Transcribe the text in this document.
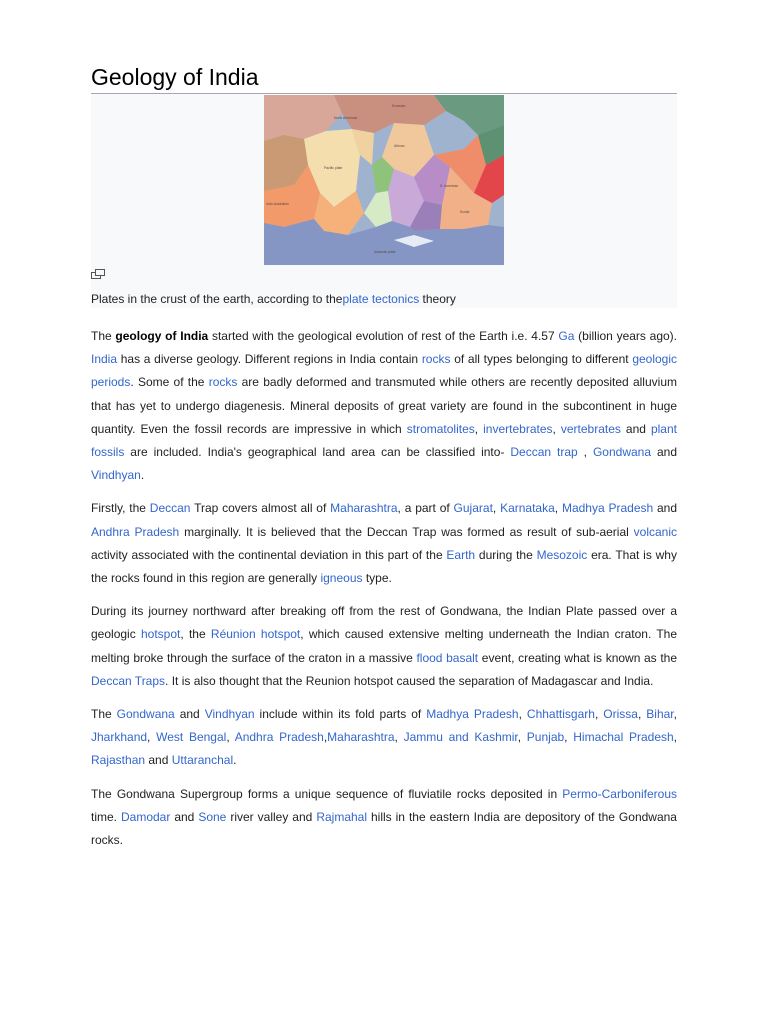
Geology of India
North American
Eurasian
Pacific plate
African
S. American
Indo-Australian
Antarctic plate
Scotia
Plates in the crust of the earth, according to theplate tectonics theory

The geology of India started with the geological evolution of rest of the Earth i.e. 4.57 Ga (billion years ago). India has a diverse geology. Different regions in India contain rocks of all types belonging to different geologic periods. Some of the rocks are badly deformed and transmuted while others are recently deposited alluvium that has yet to undergo diagenesis. Mineral deposits of great variety are found in the subcontinent in huge quantity. Even the fossil records are impressive in which stromatolites, invertebrates, vertebrates and plant fossils are included. India's geographical land area can be classified into- Deccan trap , Gondwana and Vindhyan.

Firstly, the Deccan Trap covers almost all of Maharashtra, a part of Gujarat, Karnataka, Madhya Pradesh and Andhra Pradesh marginally. It is believed that the Deccan Trap was formed as result of sub-aerial volcanic activity associated with the continental deviation in this part of the Earth during the Mesozoic era. That is why the rocks found in this region are generally igneous type.

During its journey northward after breaking off from the rest of Gondwana, the Indian Plate passed over a geologic hotspot, the Réunion hotspot, which caused extensive melting underneath the Indian craton. The melting broke through the surface of the craton in a massive flood basalt event, creating what is known as the Deccan Traps. It is also thought that the Reunion hotspot caused the separation of Madagascar and India.

The Gondwana and Vindhyan include within its fold parts of Madhya Pradesh, Chhattisgarh, Orissa, Bihar, Jharkhand, West Bengal, Andhra Pradesh,Maharashtra, Jammu and Kashmir, Punjab, Himachal Pradesh, Rajasthan and Uttaranchal.

The Gondwana Supergroup forms a unique sequence of fluviatile rocks deposited in Permo-Carboniferous time. Damodar and Sone river valley and Rajmahal hills in the eastern India are depository of the Gondwana rocks.
